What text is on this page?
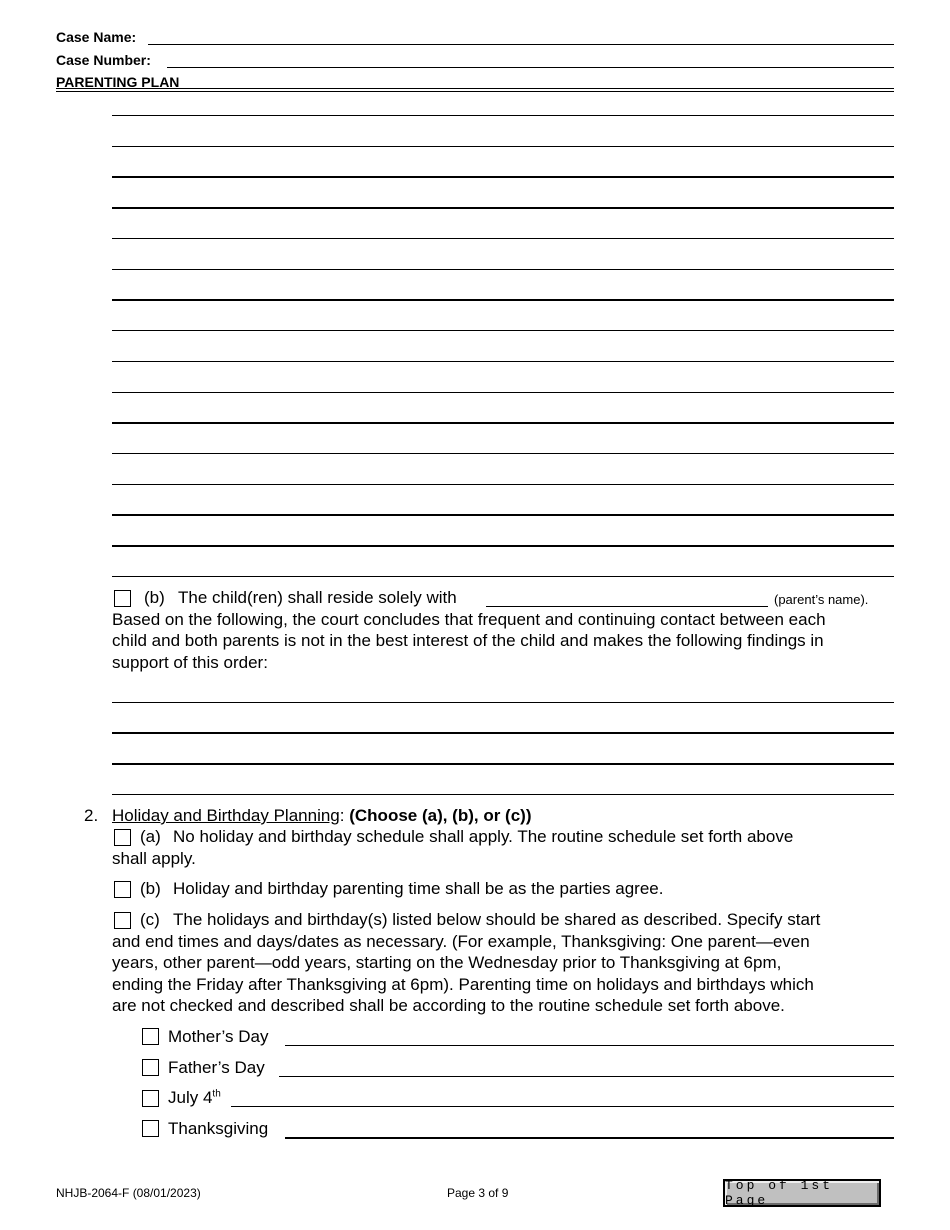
Case Name:
Case Number:
PARENTING PLAN
(b) The child(ren) shall reside solely with	(parent’s name).
Based on the following, the court concludes that frequent and continuing contact between each
child and both parents is not in the best interest of the child and makes the following findings in
support of this order:
2. Holiday and Birthday Planning: (Choose (a), (b), or (c))
(a) No holiday and birthday schedule shall apply. The routine schedule set forth above
shall apply.
(b) Holiday and birthday parenting time shall be as the parties agree.
(c) The holidays and birthday(s) listed below should be shared as described. Specify start
and end times and days/dates as necessary. (For example, Thanksgiving: One parent—even
years, other parent—odd years, starting on the Wednesday prior to Thanksgiving at 6pm,
ending the Friday after Thanksgiving at 6pm). Parenting time on holidays and birthdays which
are not checked and described shall be according to the routine schedule set forth above.
Mother’s Day
Father’s Day
July 4th
Thanksgiving
NHJB-2064-F (08/01/2023)	Page 3 of 9	Top of 1st Page
